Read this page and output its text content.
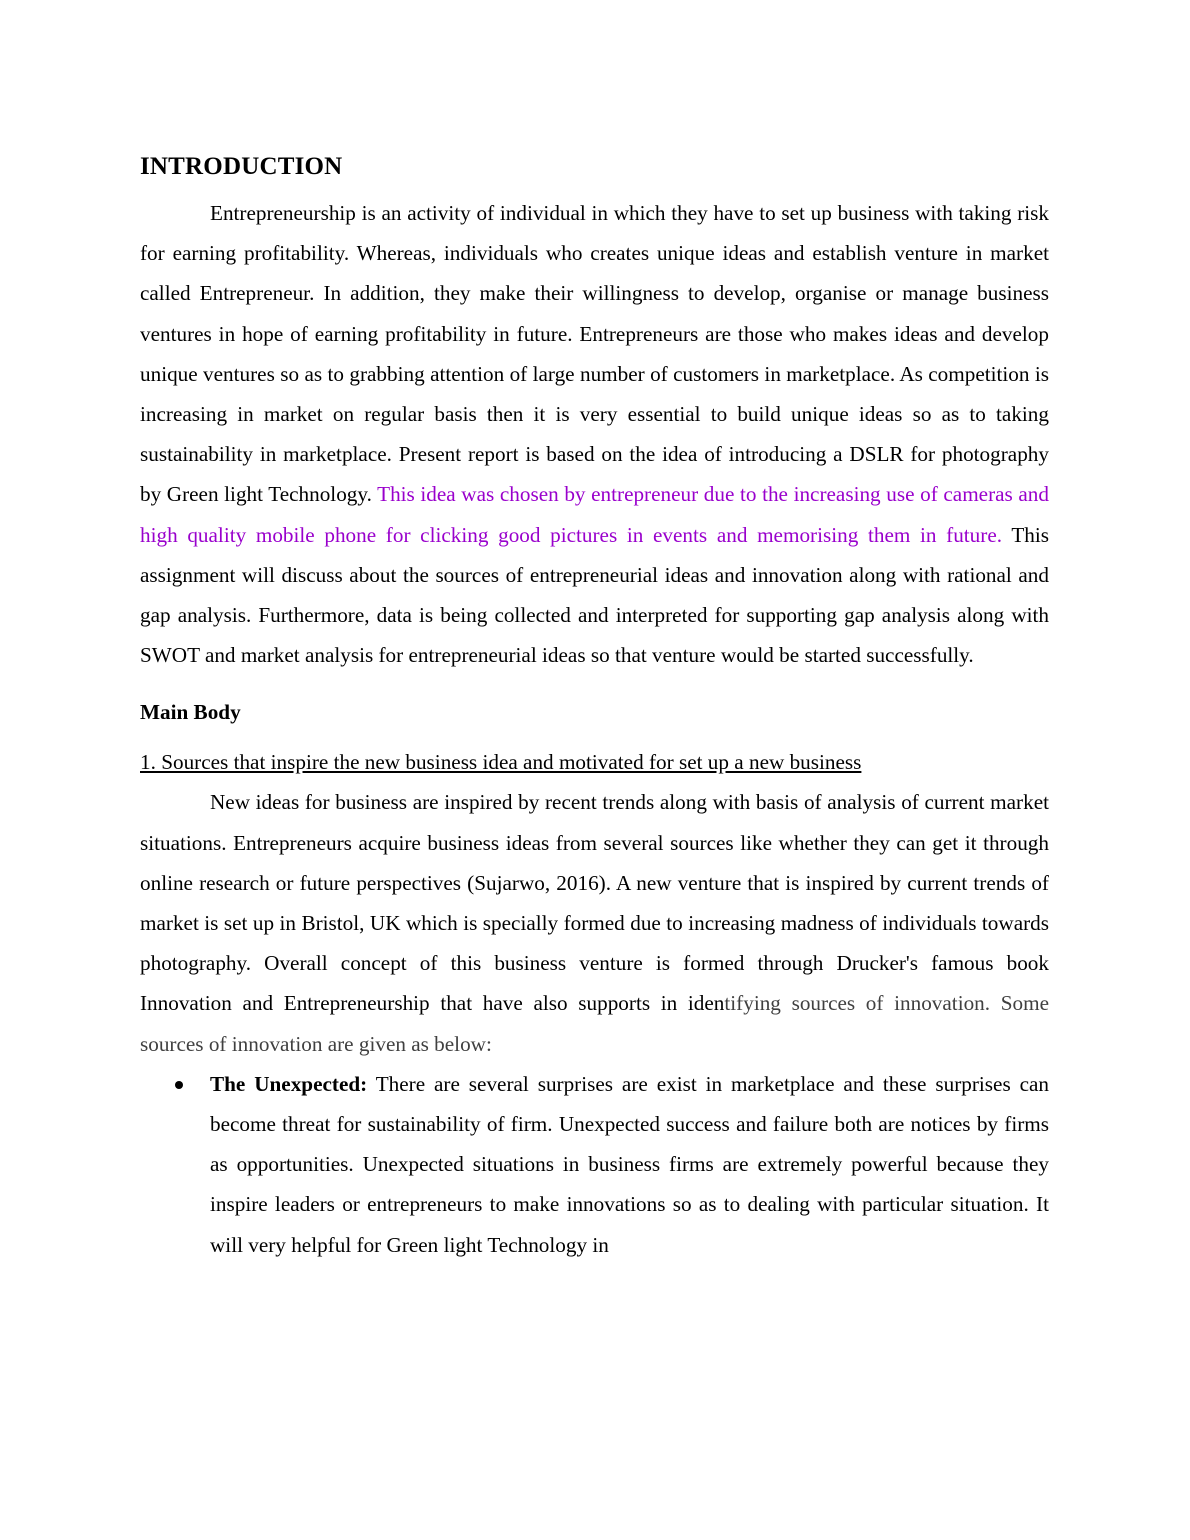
INTRODUCTION

Entrepreneurship is an activity of individual in which they have to set up business with taking risk for earning profitability. Whereas, individuals who creates unique ideas and establish venture in market called Entrepreneur. In addition, they make their willingness to develop, organise or manage business ventures in hope of earning profitability in future. Entrepreneurs are those who makes ideas and develop unique ventures so as to grabbing attention of large number of customers in marketplace. As competition is increasing in market on regular basis then it is very essential to build unique ideas so as to taking sustainability in marketplace. Present report is based on the idea of introducing a DSLR for photography by Green light Technology. This idea was chosen by entrepreneur due to the increasing use of cameras and high quality mobile phone for clicking good pictures in events and memorising them in future. This assignment will discuss about the sources of entrepreneurial ideas and innovation along with rational and gap analysis. Furthermore, data is being collected and interpreted for supporting gap analysis along with SWOT and market analysis for entrepreneurial ideas so that venture would be started successfully.

Main Body
1. Sources that inspire the new business idea and motivated for set up a new business

New ideas for business are inspired by recent trends along with basis of analysis of current market situations. Entrepreneurs acquire business ideas from several sources like whether they can get it through online research or future perspectives (Sujarwo, 2016). A new venture that is inspired by current trends of market is set up in Bristol, UK which is specially formed due to increasing madness of individuals towards photography. Overall concept of this business venture is formed through Drucker's famous book Innovation and Entrepreneurship that have also supports in identifying sources of innovation. Some sources of innovation are given as below:

The Unexpected: There are several surprises are exist in marketplace and these surprises can become threat for sustainability of firm. Unexpected success and failure both are notices by firms as opportunities. Unexpected situations in business firms are extremely powerful because they inspire leaders or entrepreneurs to make innovations so as to dealing with particular situation. It will very helpful for Green light Technology in
